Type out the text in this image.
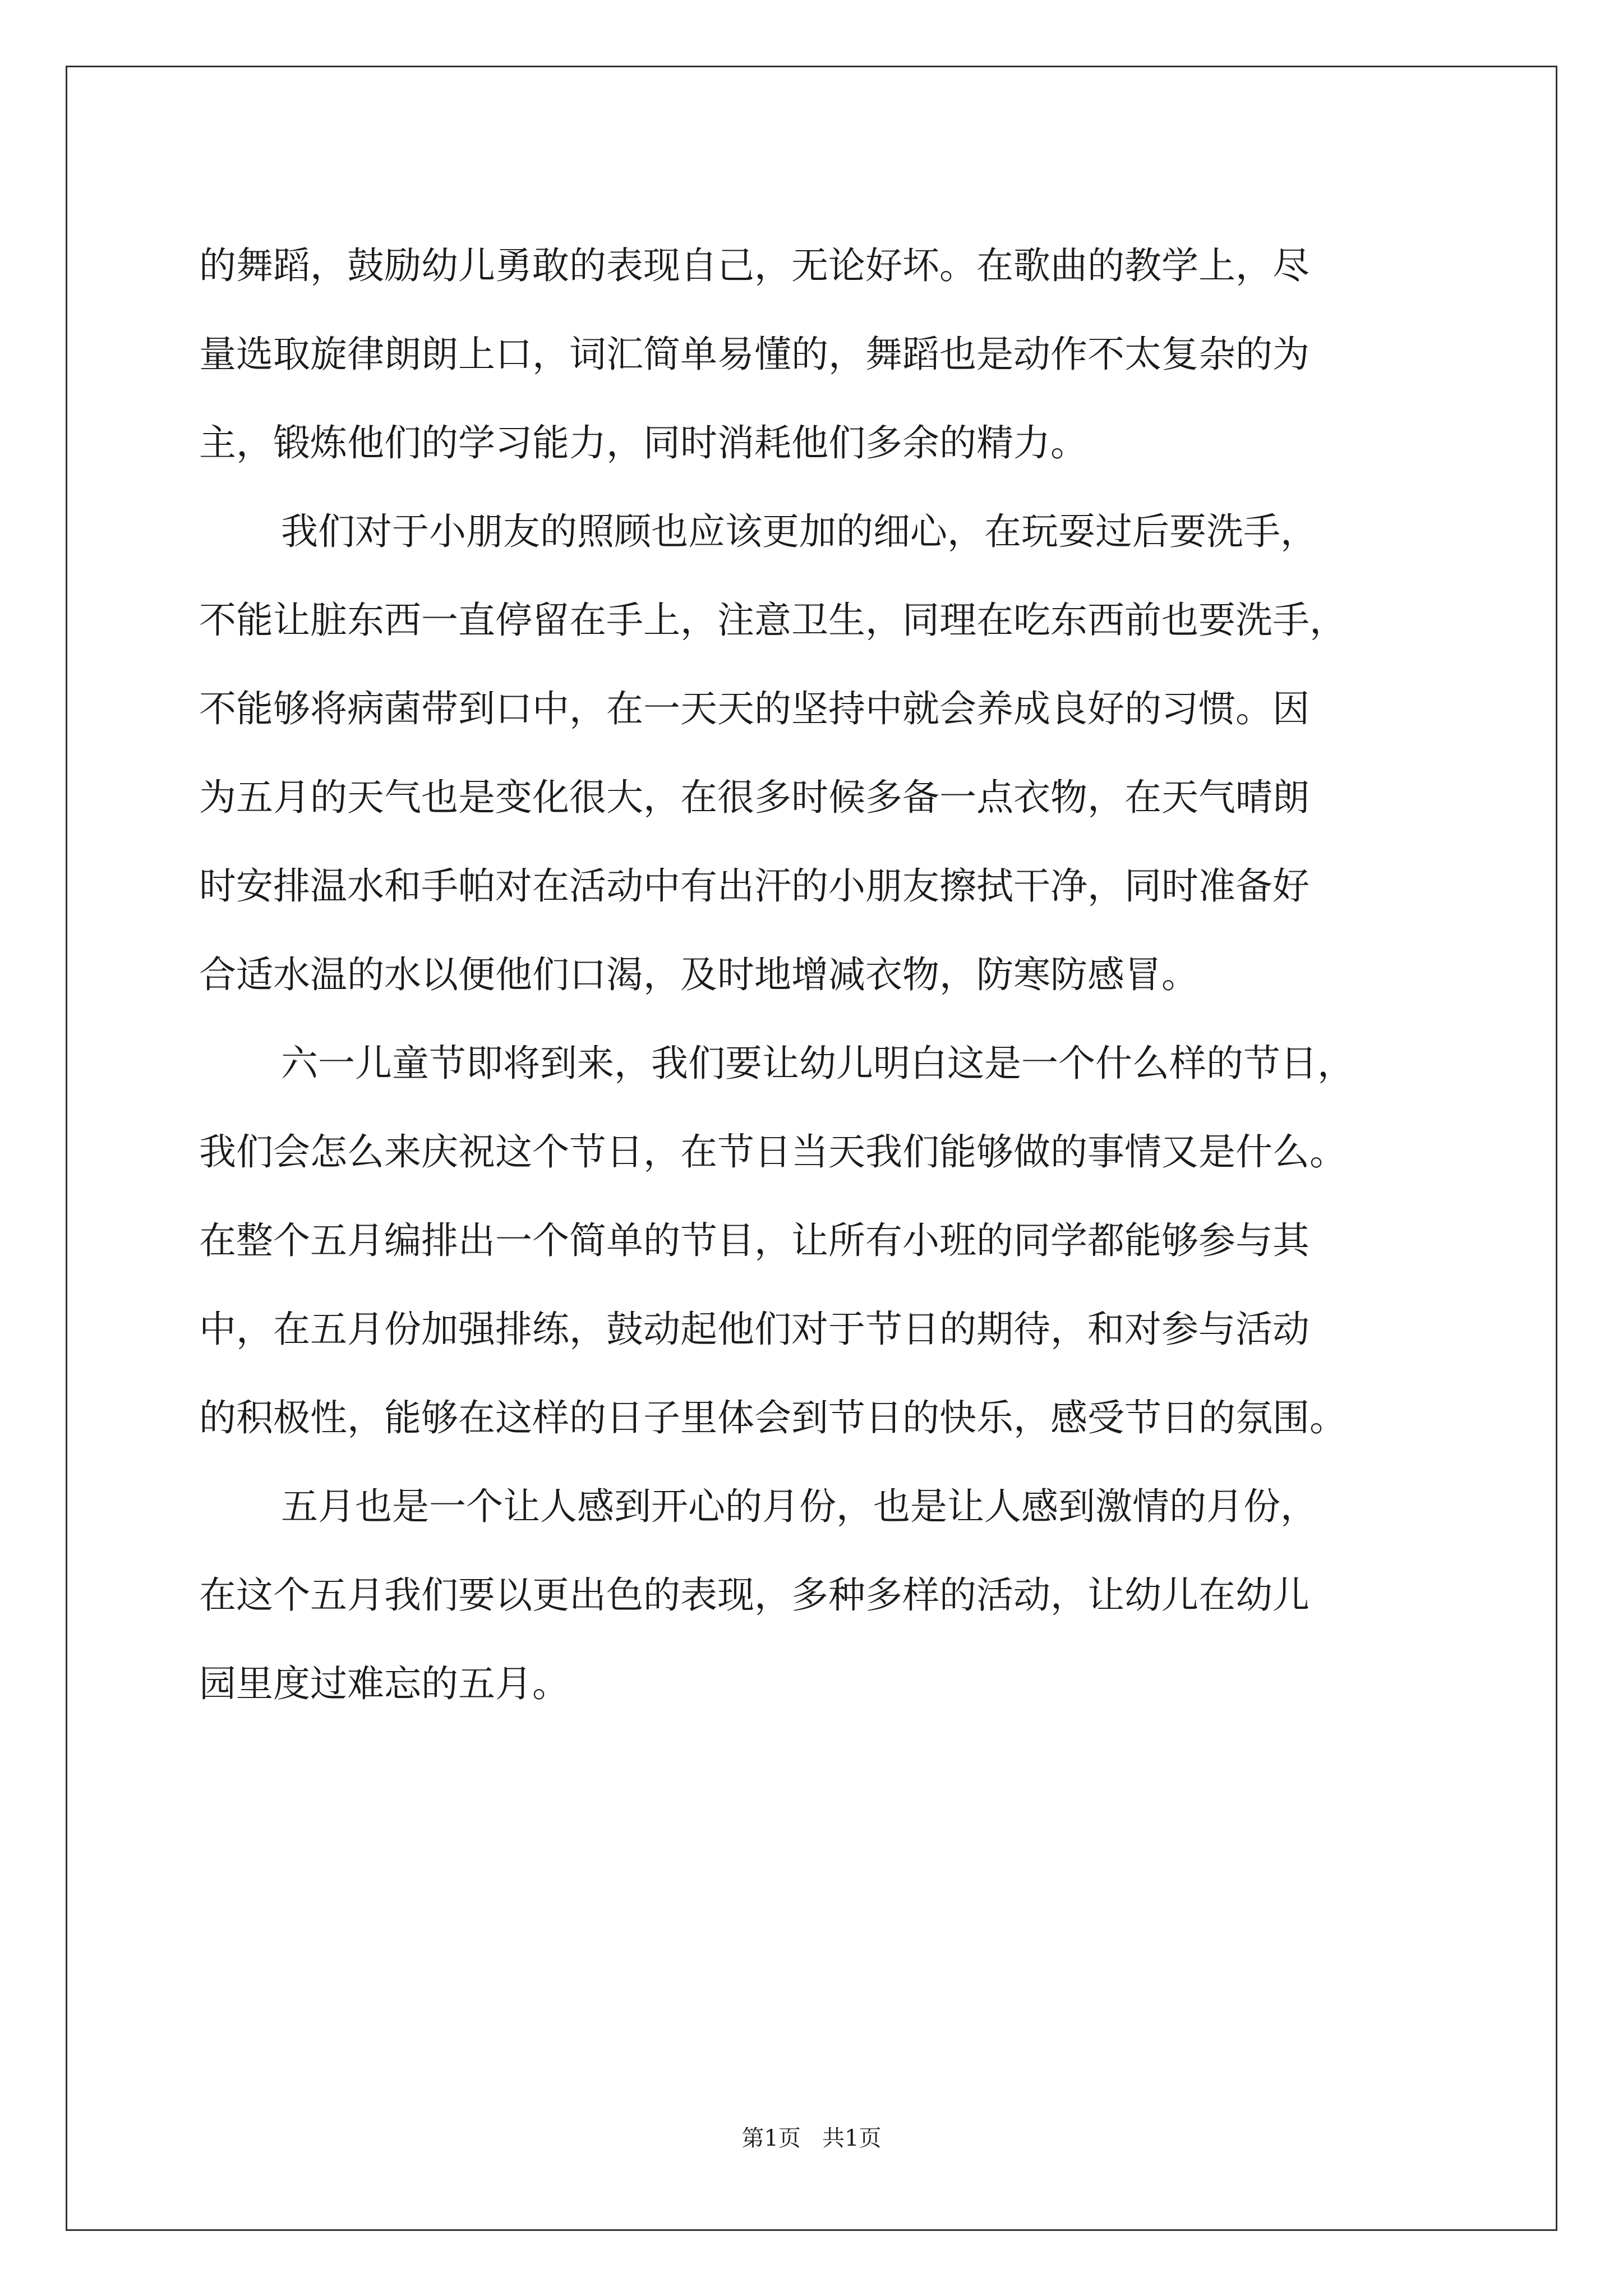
的舞蹈，鼓励幼儿勇敢的表现自己，无论好坏。在歌曲的教学上，尽
量选取旋律朗朗上口，词汇简单易懂的，舞蹈也是动作不太复杂的为
主，锻炼他们的学习能力，同时消耗他们多余的精力。
我们对于小朋友的照顾也应该更加的细心，在玩耍过后要洗手，
不能让脏东西一直停留在手上，注意卫生，同理在吃东西前也要洗手，
不能够将病菌带到口中，在一天天的坚持中就会养成良好的习惯。因
为五月的天气也是变化很大，在很多时候多备一点衣物，在天气晴朗
时安排温水和手帕对在活动中有出汗的小朋友擦拭干净，同时准备好
合适水温的水以便他们口渴，及时地增减衣物，防寒防感冒。
六一儿童节即将到来，我们要让幼儿明白这是一个什么样的节日，
我们会怎么来庆祝这个节日，在节日当天我们能够做的事情又是什么。
在整个五月编排出一个简单的节目，让所有小班的同学都能够参与其
中，在五月份加强排练，鼓动起他们对于节日的期待，和对参与活动
的积极性，能够在这样的日子里体会到节日的快乐，感受节日的氛围。
五月也是一个让人感到开心的月份，也是让人感到激情的月份，
在这个五月我们要以更出色的表现，多种多样的活动，让幼儿在幼儿
园里度过难忘的五月。
第1页   共1页
